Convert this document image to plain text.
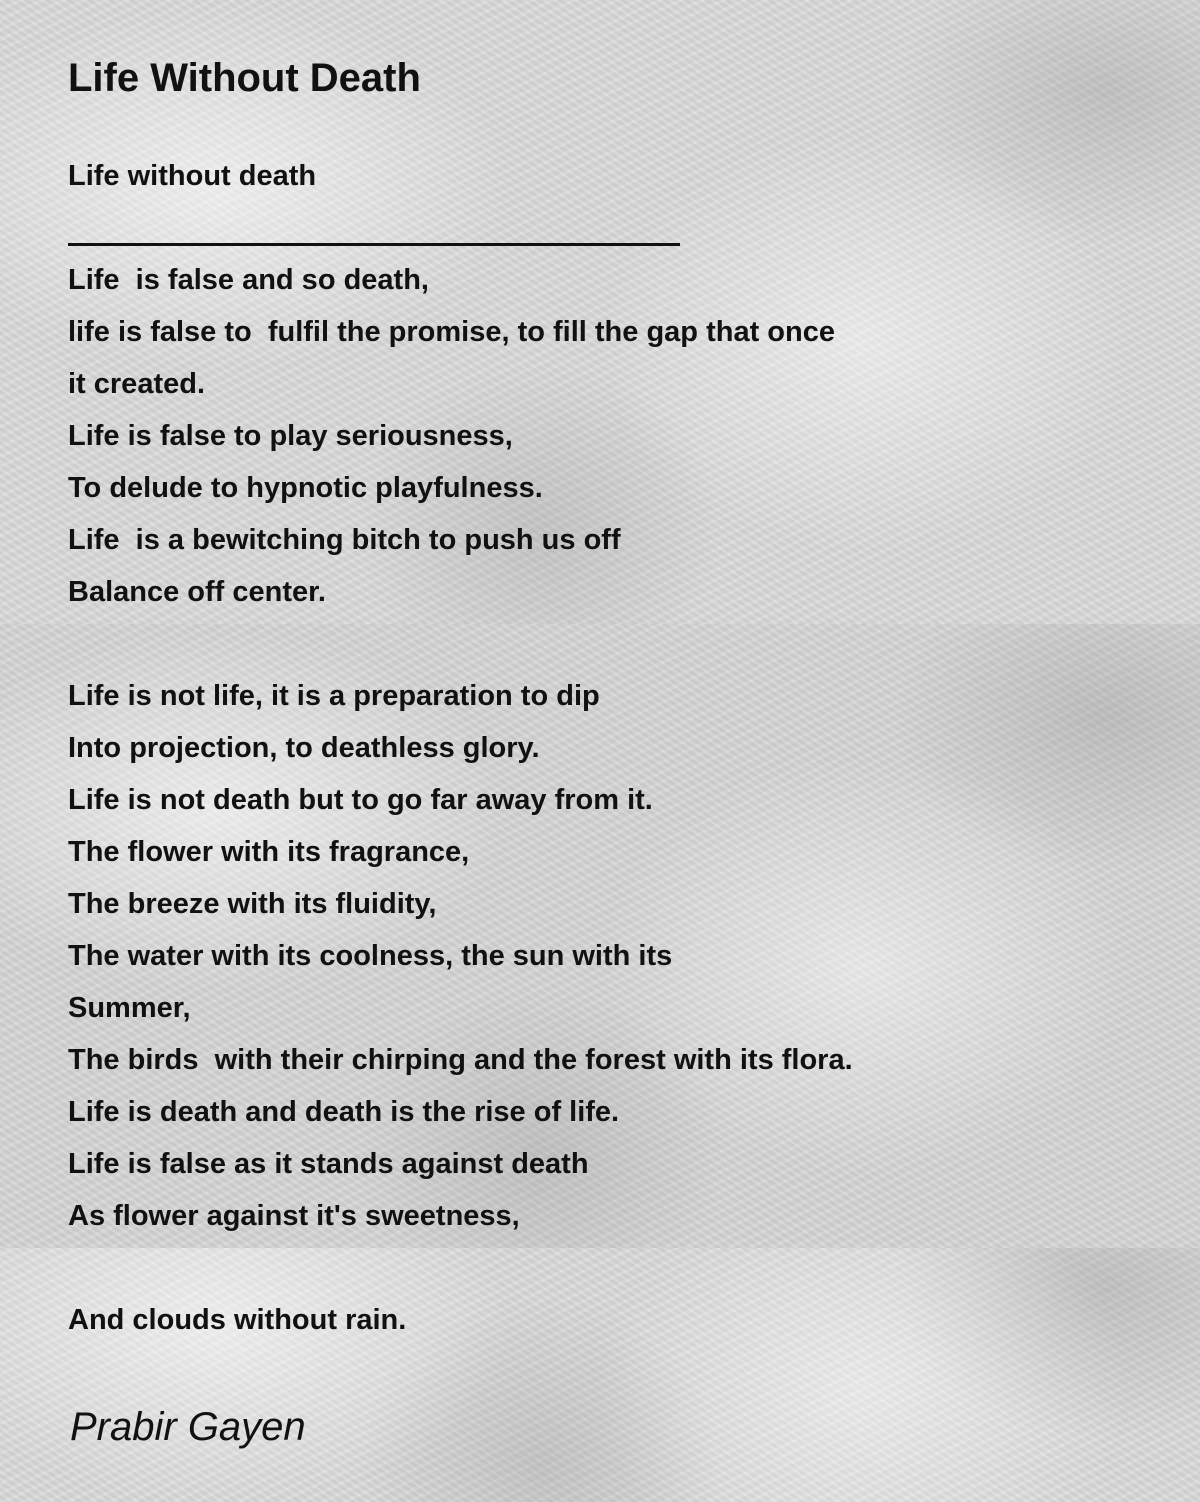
Life Without Death
Life without death
Life  is false and so death,
life is false to  fulfil the promise, to fill the gap that once
it created.
Life is false to play seriousness,
To delude to hypnotic playfulness.
Life  is a bewitching bitch to push us off
Balance off center.
Life is not life, it is a preparation to dip
Into projection, to deathless glory.
Life is not death but to go far away from it.
The flower with its fragrance,
The breeze with its fluidity,
The water with its coolness, the sun with its
Summer,
The birds  with their chirping and the forest with its flora.
Life is death and death is the rise of life.
Life is false as it stands against death
As flower against it's sweetness,
And clouds without rain.
Prabir Gayen
